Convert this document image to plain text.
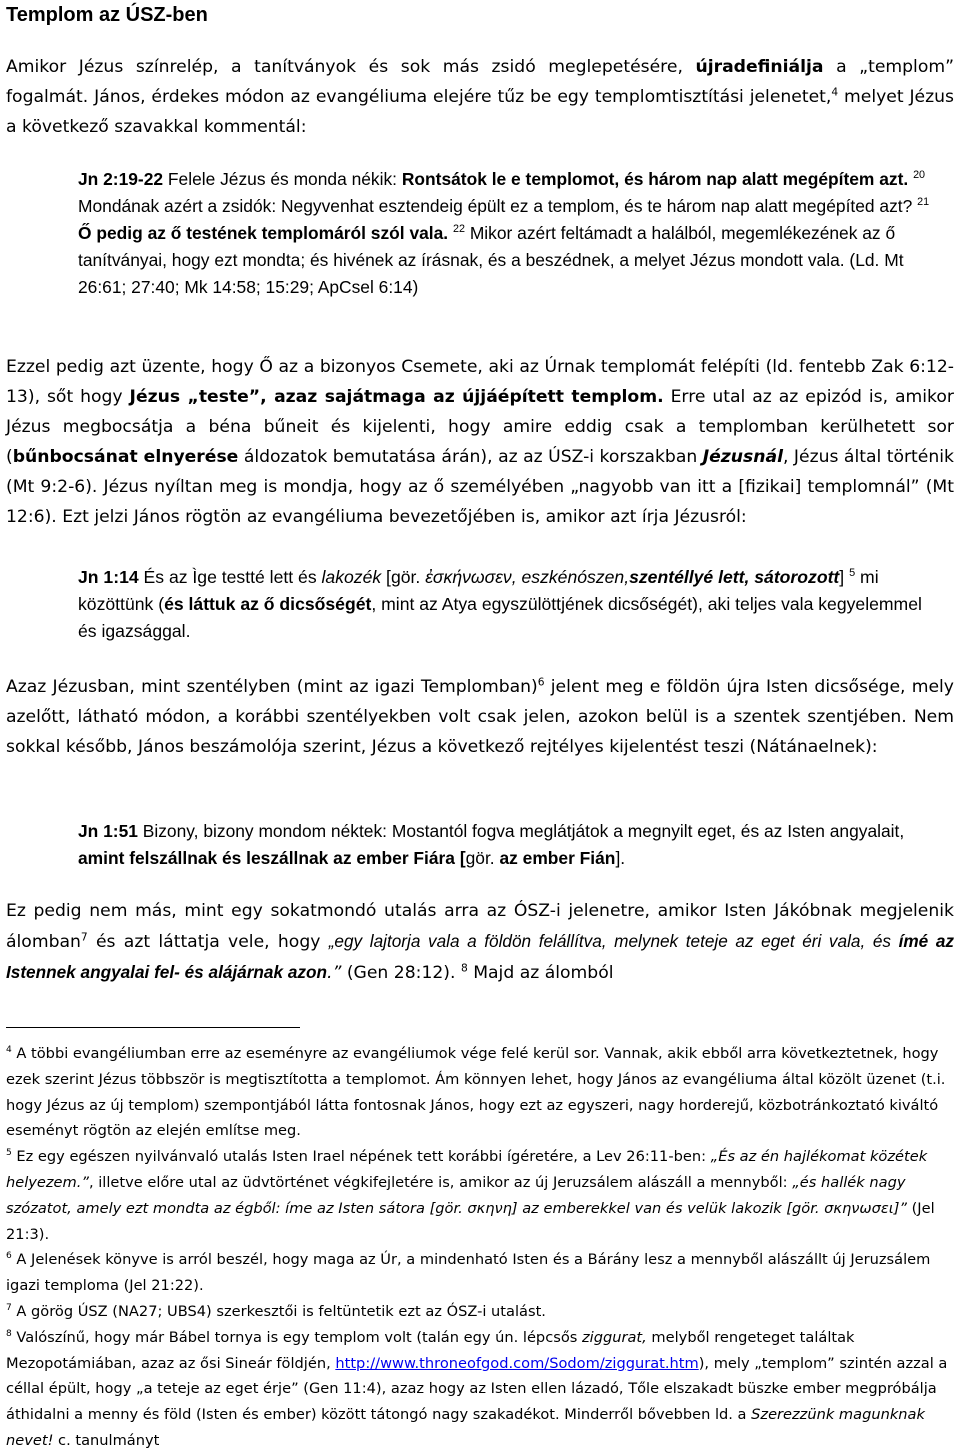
Templom az ÚSZ-ben
Amikor Jézus színrelép, a tanítványok és sok más zsidó meglepetésére, újradefiniálja a „templom” fogalmát. János, érdekes módon az evangéliuma elejére tűz be egy templomtisztítási jelenetet,$^4$ melyet Jézus a következő szavakkal kommentál:
Jn 2:19-22 Felele Jézus és monda nékik: Rontsátok le e templomot, és három nap alatt megépítem azt. $^{20}$ Mondának azért a zsidók: Negyvenhat esztendeig épült ez a templom, és te három nap alatt megépíted azt? $^{21}$ Ő pedig az ő testének templomáról szól vala. $^{22}$ Mikor azért feltámadt a halálból, megemlékezének az ő tanítványai, hogy ezt mondta; és hivének az írásnak, és a beszédnek, a melyet Jézus mondott vala. (Ld. Mt 26:61; 27:40; Mk 14:58; 15:29; ApCsel 6:14)
Ezzel pedig azt üzente, hogy Ő az a bizonyos Csemete, aki az Úrnak templomát felépíti (ld. fentebb Zak 6:12-13), sőt hogy Jézus „teste”, azaz sajátmaga az újjáépített templom. Erre utal az az epizód is, amikor Jézus megbocsátja a béna bűneit és kijelenti, hogy amire eddig csak a templomban kerülhetett sor (bűnbocsánat elnyerése áldozatok bemutatása árán), az az ÚSZ-i korszakban Jézusnál, Jézus által történik (Mt 9:2-6). Jézus nyíltan meg is mondja, hogy az ő személyében „nagyobb van itt a [fizikai] templomnál” (Mt 12:6). Ezt jelzi János rögtön az evangéliuma bevezetőjében is, amikor azt írja Jézusról:
Jn 1:14 És az Ìge testté lett és lakozék [gör. ἐσκήνωσεν, eszkénószen,szentéllyé lett, sátorozott] $^5$ mi közöttünk (és láttuk az ő dicsőségét, mint az Atya egyszülöttjének dicsőségét), aki teljes vala kegyelemmel és igazsággal.
Azaz Jézusban, mint szentélyben (mint az igazi Templomban)$^6$ jelent meg e földön újra Isten dicsősége, mely azelőtt, látható módon, a korábbi szentélyekben volt csak jelen, azokon belül is a szentek szentjében. Nem sokkal később, János beszámolója szerint, Jézus a következő rejtélyes kijelentést teszi (Nátánaelnek):
Jn 1:51 Bizony, bizony mondom néktek: Mostantól fogva meglátjátok a megnyilt eget, és az Isten angyalait, amint felszállnak és leszállnak az ember Fiára [gör. az ember Fián].
Ez pedig nem más, mint egy sokatmondó utalás arra az ÓSZ-i jelenetre, amikor Isten Jákóbnak megjelenik álomban$^7$ és azt láttatja vele, hogy „egy lajtorja vala a földön felállítva, melynek teteje az eget éri vala, és ímé az Istennek angyalai fel- és alájárnak azon.” (Gen 28:12). $^8$ Majd az álomból
$^4$ A többi evangéliumban erre az eseményre az evangéliumok vége felé kerül sor. Vannak, akik ebből arra következtetnek, hogy ezek szerint Jézus többször is megtisztította a templomot. Ám könnyen lehet, hogy János az evangéliuma által közölt üzenet (t.i. hogy Jézus az új templom) szempontjából látta fontosnak János, hogy ezt az egyszeri, nagy horderejű, közbotránkoztató kiváltó eseményt rögtön az elején említse meg.
$^5$ Ez egy egészen nyilvánvaló utalás Isten Irael népének tett korábbi ígéretére, a Lev 26:11-ben: „És az én hajlékomat közétek helyezem.”, illetve előre utal az üdvtörténet végkifejletére is, amikor az új Jeruzsálem alászáll a mennyből: „és hallék nagy szózatot, amely ezt mondta az égből: íme az Isten sátora [gör. σκηνη] az emberekkel van és velük lakozik [gör. σκηνωσει]” (Jel 21:3).
$^6$ A Jelenések könyve is arról beszél, hogy maga az Úr, a mindenható Isten és a Bárány lesz a mennyből alászállt új Jeruzsálem igazi temploma (Jel 21:22).
$^7$ A görög ÚSZ (NA27; UBS4) szerkesztői is feltüntetik ezt az ÓSZ-i utalást.
$^8$ Valószínű, hogy már Bábel tornya is egy templom volt (talán egy ún. lépcsős ziggurat, melyből rengeteget találtak Mezopotámiában, azaz az ősi Sineár földjén, http://www.throneofgod.com/Sodom/ziggurat.htm), mely „templom” szintén azzal a céllal épült, hogy „a teteje az eget érje” (Gen 11:4), azaz hogy az Isten ellen lázadó, Tőle elszakadt büszke ember megpróbálja áthidalni a menny és föld (Isten és ember) között tátongó nagy szakadékot. Minderről bővebben ld. a Szerezzünk magunknak nevet! c. tanulmányt
